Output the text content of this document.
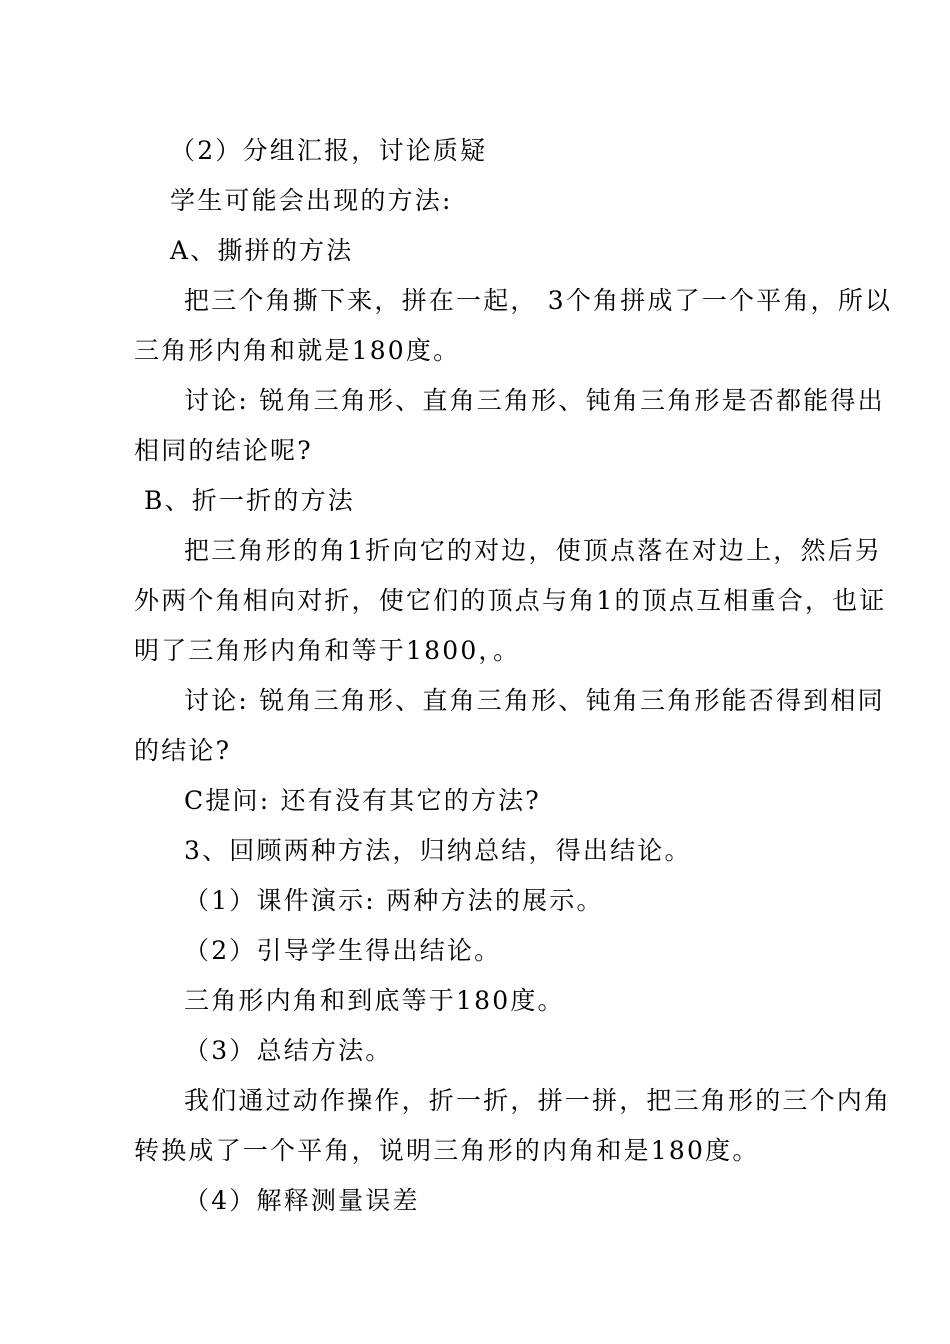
（2）分组汇报，讨论质疑
学生可能会出现的方法:
A、撕拼的方法
把三个角撕下来，拼在一起， 3个角拼成了一个平角，所以
三角形内角和就是180度。
讨论: 锐角三角形、直角三角形、钝角三角形是否都能得出
相同的结论呢?
B、折一折的方法
把三角形的角1折向它的对边，使顶点落在对边上，然后另
外两个角相向对折，使它们的顶点与角1的顶点互相重合，也证
明了三角形内角和等于1800，。
讨论: 锐角三角形、直角三角形、钝角三角形能否得到相同
的结论?
C提问: 还有没有其它的方法?
3、回顾两种方法，归纳总结，得出结论。
（1）课件演示: 两种方法的展示。
（2）引导学生得出结论。
三角形内角和到底等于180度。
（3）总结方法。
我们通过动作操作，折一折，拼一拼，把三角形的三个内角
转换成了一个平角，说明三角形的内角和是180度。
（4）解释测量误差
